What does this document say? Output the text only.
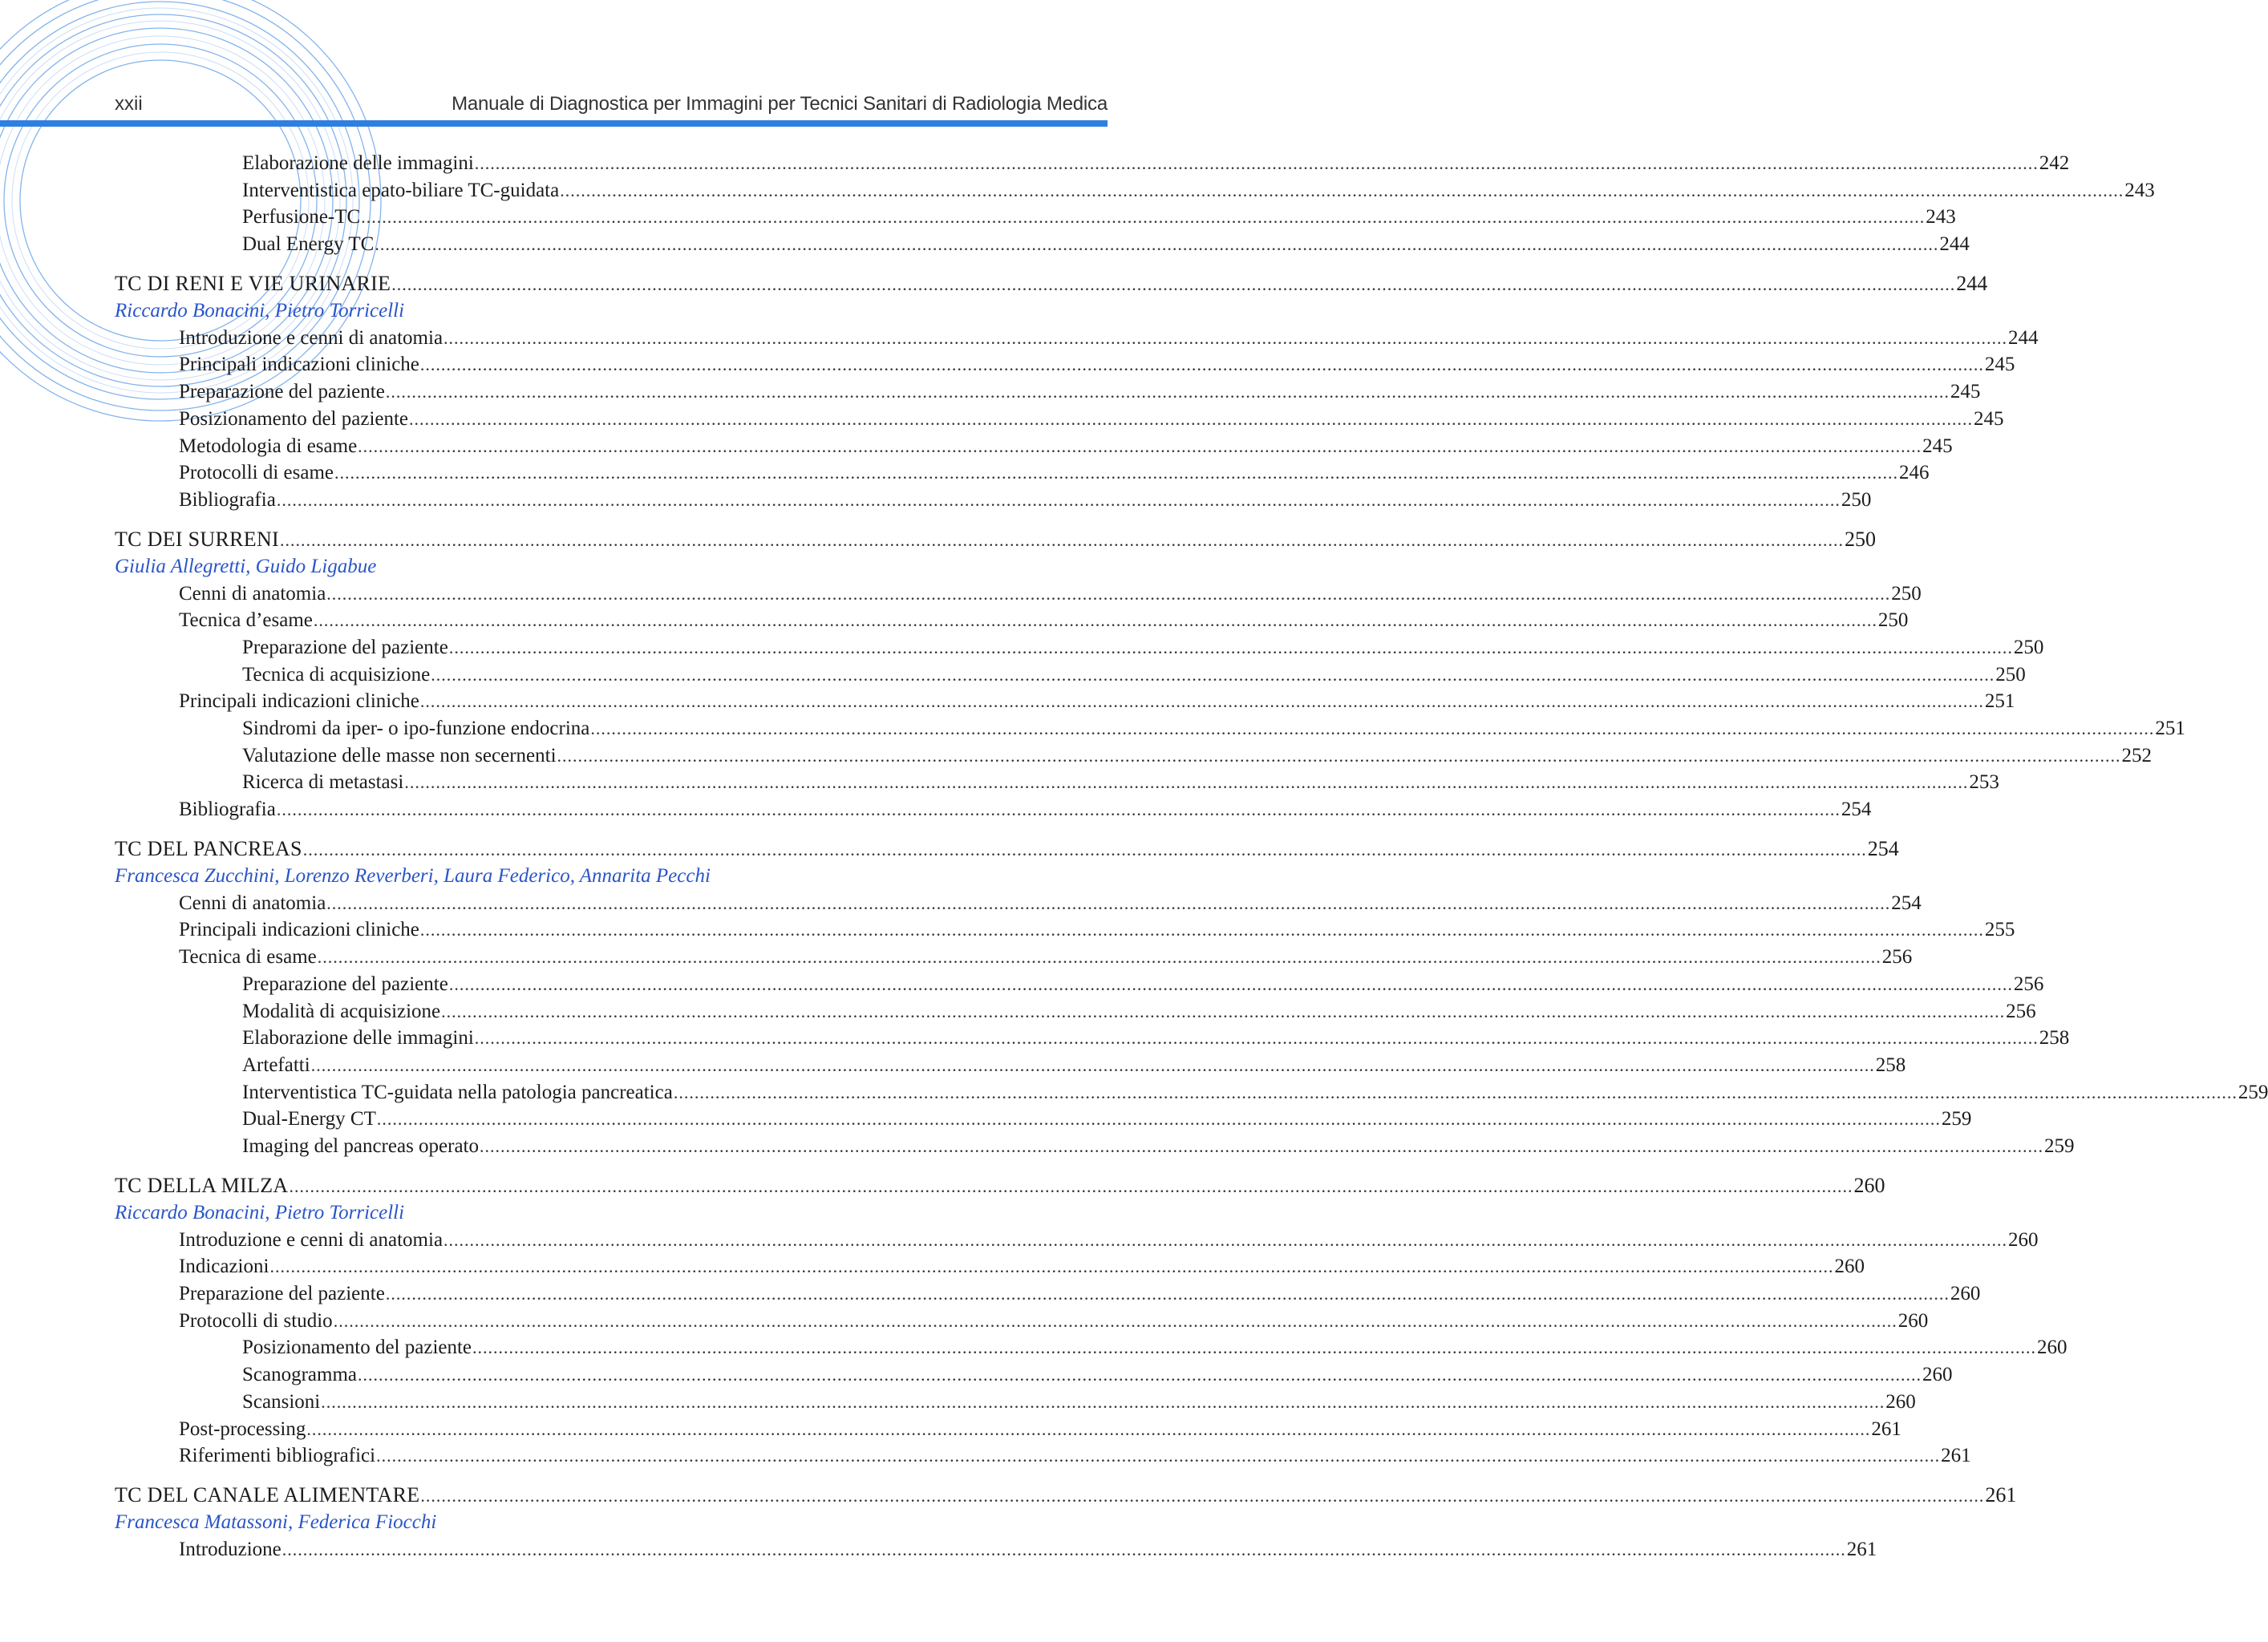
xxii	Manuale di Diagnostica per Immagini per Tecnici Sanitari di Radiologia Medica
Elaborazione delle immagini ............................................................................................................................................................................................................................................................................................................ 242
Interventistica epato-biliare TC-guidata ............................................................................................................................................................................................................................................................................................................ 243
Perfusione-TC ............................................................................................................................................................................................................................................................................................................ 243
Dual Energy TC ............................................................................................................................................................................................................................................................................................................ 244
TC DI RENI E VIE URINARIE ............................................................................................................................................................................................................................................................................................................ 244
Riccardo Bonacini, Pietro Torricelli
Introduzione e cenni di anatomia ............................................................................................................................................................................................................................................................................................................ 244
Principali indicazioni cliniche ............................................................................................................................................................................................................................................................................................................ 245
Preparazione del paziente ............................................................................................................................................................................................................................................................................................................ 245
Posizionamento del paziente ............................................................................................................................................................................................................................................................................................................ 245
Metodologia di esame ............................................................................................................................................................................................................................................................................................................ 245
Protocolli di esame ............................................................................................................................................................................................................................................................................................................ 246
Bibliografia ............................................................................................................................................................................................................................................................................................................ 250
TC DEI SURRENI ............................................................................................................................................................................................................................................................................................................ 250
Giulia Allegretti, Guido Ligabue
Cenni di anatomia ............................................................................................................................................................................................................................................................................................................ 250
Tecnica d’esame ............................................................................................................................................................................................................................................................................................................ 250
Preparazione del paziente ............................................................................................................................................................................................................................................................................................................ 250
Tecnica di acquisizione ............................................................................................................................................................................................................................................................................................................ 250
Principali indicazioni cliniche ............................................................................................................................................................................................................................................................................................................ 251
Sindromi da iper- o ipo-funzione endocrina ............................................................................................................................................................................................................................................................................................................ 251
Valutazione delle masse non secernenti ............................................................................................................................................................................................................................................................................................................ 252
Ricerca di metastasi ............................................................................................................................................................................................................................................................................................................ 253
Bibliografia ............................................................................................................................................................................................................................................................................................................ 254
TC DEL PANCREAS ............................................................................................................................................................................................................................................................................................................ 254
Francesca Zucchini, Lorenzo Reverberi, Laura Federico, Annarita Pecchi
Cenni di anatomia ............................................................................................................................................................................................................................................................................................................ 254
Principali indicazioni cliniche ............................................................................................................................................................................................................................................................................................................ 255
Tecnica di esame ............................................................................................................................................................................................................................................................................................................ 256
Preparazione del paziente ............................................................................................................................................................................................................................................................................................................ 256
Modalità di acquisizione ............................................................................................................................................................................................................................................................................................................ 256
Elaborazione delle immagini ............................................................................................................................................................................................................................................................................................................ 258
Artefatti ............................................................................................................................................................................................................................................................................................................ 258
Interventistica TC-guidata nella patologia pancreatica ............................................................................................................................................................................................................................................................................................................ 259
Dual-Energy CT ............................................................................................................................................................................................................................................................................................................ 259
Imaging del pancreas operato ............................................................................................................................................................................................................................................................................................................ 259
TC DELLA MILZA ............................................................................................................................................................................................................................................................................................................ 260
Riccardo Bonacini, Pietro Torricelli
Introduzione e cenni di anatomia ............................................................................................................................................................................................................................................................................................................ 260
Indicazioni ............................................................................................................................................................................................................................................................................................................ 260
Preparazione del paziente ............................................................................................................................................................................................................................................................................................................ 260
Protocolli di studio ............................................................................................................................................................................................................................................................................................................ 260
Posizionamento del paziente ............................................................................................................................................................................................................................................................................................................ 260
Scanogramma ............................................................................................................................................................................................................................................................................................................ 260
Scansioni ............................................................................................................................................................................................................................................................................................................ 260
Post-processing ............................................................................................................................................................................................................................................................................................................ 261
Riferimenti bibliografici ............................................................................................................................................................................................................................................................................................................ 261
TC DEL CANALE ALIMENTARE ............................................................................................................................................................................................................................................................................................................ 261
Francesca Matassoni, Federica Fiocchi
Introduzione ............................................................................................................................................................................................................................................................................................................ 261
